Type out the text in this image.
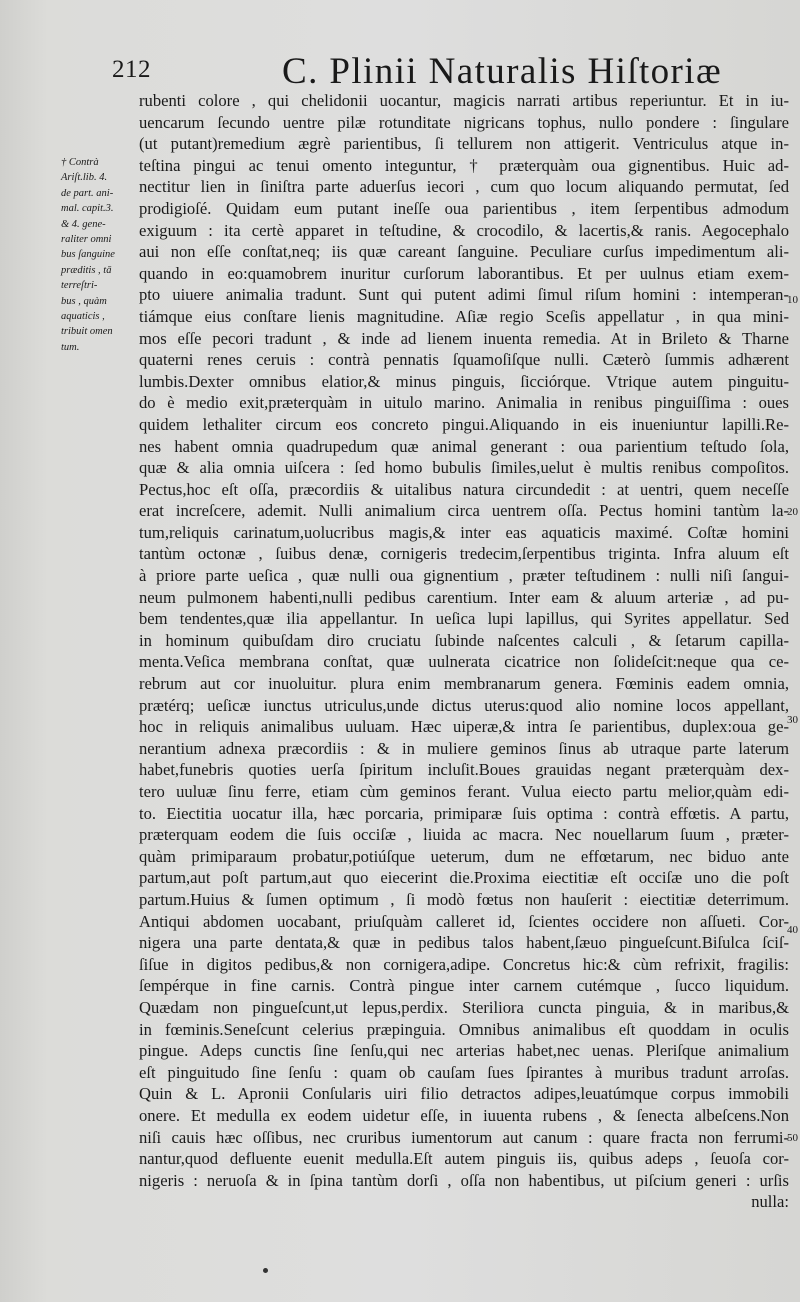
212	C. Plinii Naturalis Hiſtoriæ
† Contrà
Ariſt.lib. 4.
de part. ani-
mal. capit.3.
& 4. gene-
raliter omni
bus ſanguine
præditis , tā
terreſtri-
bus , quàm
aquaticis ,
tribuit omen
tum.
rubenti colore , qui chelidonii uocantur, magicis narrati artibus reperiuntur. Et in iu-
uencarum ſecundo uentre pilæ rotunditate nigricans tophus, nullo pondere : ſingulare
(ut putant)remedium ægrè parientibus, ſi tellurem non attigerit. Ventriculus atque in-
teſtina pingui ac tenui omento integuntur, † præterquàm oua gignentibus. Huic ad-
nectitur lien in ſiniſtra parte aduerſus iecori , cum quo locum aliquando permutat, ſed
prodigioſé. Quidam eum putant ineſſe oua parientibus , item ſerpentibus admodum
exiguum : ita certè apparet in teſtudine, & crocodilo, & lacertis,& ranis. Aegocephalo
aui non eſſe conſtat,neq; iis quæ careant ſanguine. Peculiare curſus impedimentum ali-
quando in eo:quamobrem inuritur curſorum laborantibus. Et per uulnus etiam exem-
pto uiuere animalia tradunt. Sunt qui putent adimi ſimul riſum homini : intemperan-
tiámque eius conſtare lienis magnitudine. Aſiæ regio Sceſis appellatur , in qua mini-
mos eſſe pecori tradunt , & inde ad lienem inuenta remedia. At in Brileto & Tharne
quaterni renes ceruis : contrà pennatis ſquamoſiſque nulli. Cæterò ſummis adhærent
lumbis.Dexter omnibus elatior,& minus pinguis, ſicciórque. Vtrique autem pinguitu-
do è medio exit,præterquàm in uitulo marino. Animalia in renibus pinguiſſima : oues
quidem lethaliter circum eos concreto pingui.Aliquando in eis inueniuntur lapilli.Re-
nes habent omnia quadrupedum quæ animal generant : oua parientium teſtudo ſola,
quæ & alia omnia uiſcera : ſed homo bubulis ſimiles,uelut è multis renibus compoſitos.
Pectus,hoc eſt oſſa, præcordiis & uitalibus natura circundedit : at uentri, quem neceſſe
erat increſcere, ademit. Nulli animalium circa uentrem oſſa. Pectus homini tantùm la-
tum,reliquis carinatum,uolucribus magis,& inter eas aquaticis maximé. Coſtæ homini
tantùm octonæ , ſuibus denæ, cornigeris tredecim,ſerpentibus triginta. Infra aluum eſt
à priore parte ueſica , quæ nulli oua gignentium , præter teſtudinem : nulli niſi ſangui-
neum pulmonem habenti,nulli pedibus carentium. Inter eam & aluum arteriæ , ad pu-
bem tendentes,quæ ilia appellantur. In ueſica lupi lapillus, qui Syrites appellatur. Sed
in hominum quibuſdam diro cruciatu ſubinde naſcentes calculi , & ſetarum capilla-
menta.Veſica membrana conſtat, quæ uulnerata cicatrice non ſolideſcit:neque qua ce-
rebrum aut cor inuoluitur. plura enim membranarum genera. Fœminis eadem omnia,
prætérq; ueſicæ iunctus utriculus,unde dictus uterus:quod alio nomine locos appellant,
hoc in reliquis animalibus uuluam. Hæc uiperæ,& intra ſe parientibus, duplex:oua ge-
nerantium adnexa præcordiis : & in muliere geminos ſinus ab utraque parte laterum
habet,funebris quoties uerſa ſpiritum incluſit.Boues grauidas negant præterquàm dex-
tero uuluæ ſinu ferre, etiam cùm geminos ferant. Vulua eiecto partu melior,quàm edi-
to. Eiectitia uocatur illa, hæc porcaria, primiparæ ſuis optima : contrà effœtis. A partu,
præterquam eodem die ſuis occiſæ , liuida ac macra. Nec nouellarum ſuum , præter-
quàm primiparaum probatur,potiúſque ueterum, dum ne effœtarum, nec biduo ante
partum,aut poſt partum,aut quo eiecerint die.Proxima eiectitiæ eſt occiſæ uno die poſt
partum.Huius & ſumen optimum , ſi modò fœtus non hauſerit : eiectitiæ deterrimum.
Antiqui abdomen uocabant, priuſquàm calleret id, ſcientes occidere non aſſueti. Cor-
nigera una parte dentata,& quæ in pedibus talos habent,ſæuo pingueſcunt.Biſulca ſciſ-
ſiſue in digitos pedibus,& non cornigera,adipe. Concretus hic:& cùm refrixit, fragilis:
ſempérque in fine carnis. Contrà pingue inter carnem cutémque , ſucco liquidum.
Quædam non pingueſcunt,ut lepus,perdix. Steriliora cuncta pinguia, & in maribus,&
in fœminis.Seneſcunt celerius præpinguia. Omnibus animalibus eſt quoddam in oculis
pingue. Adeps cunctis ſine ſenſu,qui nec arterias habet,nec uenas. Pleriſque animalium
eſt pinguitudo ſine ſenſu : quam ob cauſam ſues ſpirantes à muribus tradunt arroſas.
Quin & L. Apronii Conſularis uiri filio detractos adipes,leuatúmque corpus immobili
onere. Et medulla ex eodem uidetur eſſe, in iuuenta rubens , & ſenecta albeſcens.Non
niſi cauis hæc oſſibus, nec cruribus iumentorum aut canum : quare fracta non ferrumi-
nantur,quod defluente euenit medulla.Eſt autem pinguis iis, quibus adeps , ſeuoſa cor-
nigeris : neruoſa & in ſpina tantùm dorſi , oſſa non habentibus, ut piſcium generi : urſis
nulla:
10
20
30
40
50
